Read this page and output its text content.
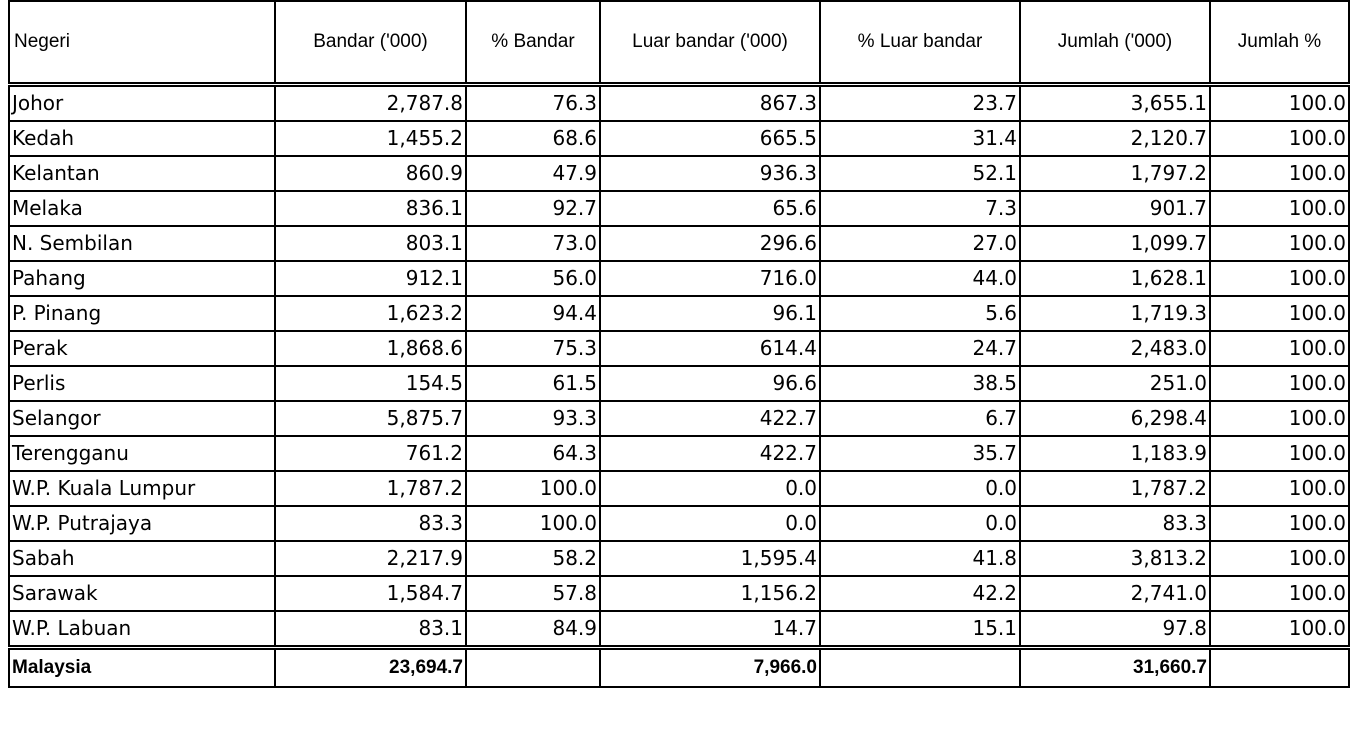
Negeri	Bandar ('000)	% Bandar	Luar bandar ('000)	% Luar bandar	Jumlah ('000)	Jumlah %
Johor	2,787.8	76.3	867.3	23.7	3,655.1	100.0
Kedah	1,455.2	68.6	665.5	31.4	2,120.7	100.0
Kelantan	860.9	47.9	936.3	52.1	1,797.2	100.0
Melaka	836.1	92.7	65.6	7.3	901.7	100.0
N. Sembilan	803.1	73.0	296.6	27.0	1,099.7	100.0
Pahang	912.1	56.0	716.0	44.0	1,628.1	100.0
P. Pinang	1,623.2	94.4	96.1	5.6	1,719.3	100.0
Perak	1,868.6	75.3	614.4	24.7	2,483.0	100.0
Perlis	154.5	61.5	96.6	38.5	251.0	100.0
Selangor	5,875.7	93.3	422.7	6.7	6,298.4	100.0
Terengganu	761.2	64.3	422.7	35.7	1,183.9	100.0
W.P. Kuala Lumpur	1,787.2	100.0	0.0	0.0	1,787.2	100.0
W.P. Putrajaya	83.3	100.0	0.0	0.0	83.3	100.0
Sabah	2,217.9	58.2	1,595.4	41.8	3,813.2	100.0
Sarawak	1,584.7	57.8	1,156.2	42.2	2,741.0	100.0
W.P. Labuan	83.1	84.9	14.7	15.1	97.8	100.0
Malaysia	23,694.7		7,966.0		31,660.7	
